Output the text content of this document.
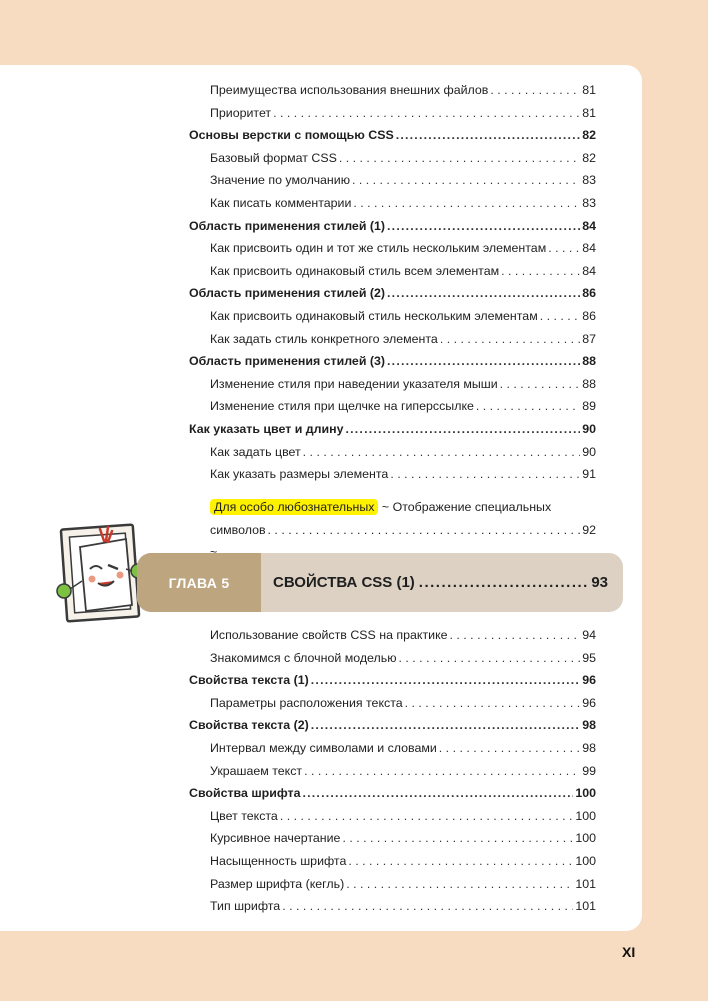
Преимущества использования внешних файлов . . .	81
Приоритет . . .	81
Основы верстки с помощью CSS .....	82
Базовый формат CSS . . .	82
Значение по умолчанию . . .	83
Как писать комментарии . . .	83
Область применения стилей (1) .....	84
Как присвоить один и тот же стиль нескольким элементам . . .	84
Как присвоить одинаковый стиль всем элементам . . .	84
Область применения стилей (2) .....	86
Как присвоить одинаковый стиль нескольким элементам . . .	86
Как задать стиль конкретного элемента . . .	87
Область применения стилей (3) .....	88
Изменение стиля при наведении указателя мыши . . .	88
Изменение стиля при щелчке на гиперссылке . . .	89
Как указать цвет и длину .....	90
Как задать цвет . . .	90
Как указать размеры элемента . . .	91
Для особо любознательных ~ Отображение специальных
символов . . .	92
ГЛАВА 5	СВОЙСТВА CSS (1) .....	93
Использование свойств CSS на практике . . .	94
Знакомимся с блочной моделью . . .	95
Свойства текста (1) .....	96
Параметры расположения текста . . .	96
Свойства текста (2) .....	98
Интервал между символами и словами . . .	98
Украшаем текст . . .	99
Свойства шрифта .....	100
Цвет текста . . .	100
Курсивное начертание . . .	100
Насыщенность шрифта . . .	100
Размер шрифта (кегль) . . .	101
Тип шрифта . . .	101
XI
